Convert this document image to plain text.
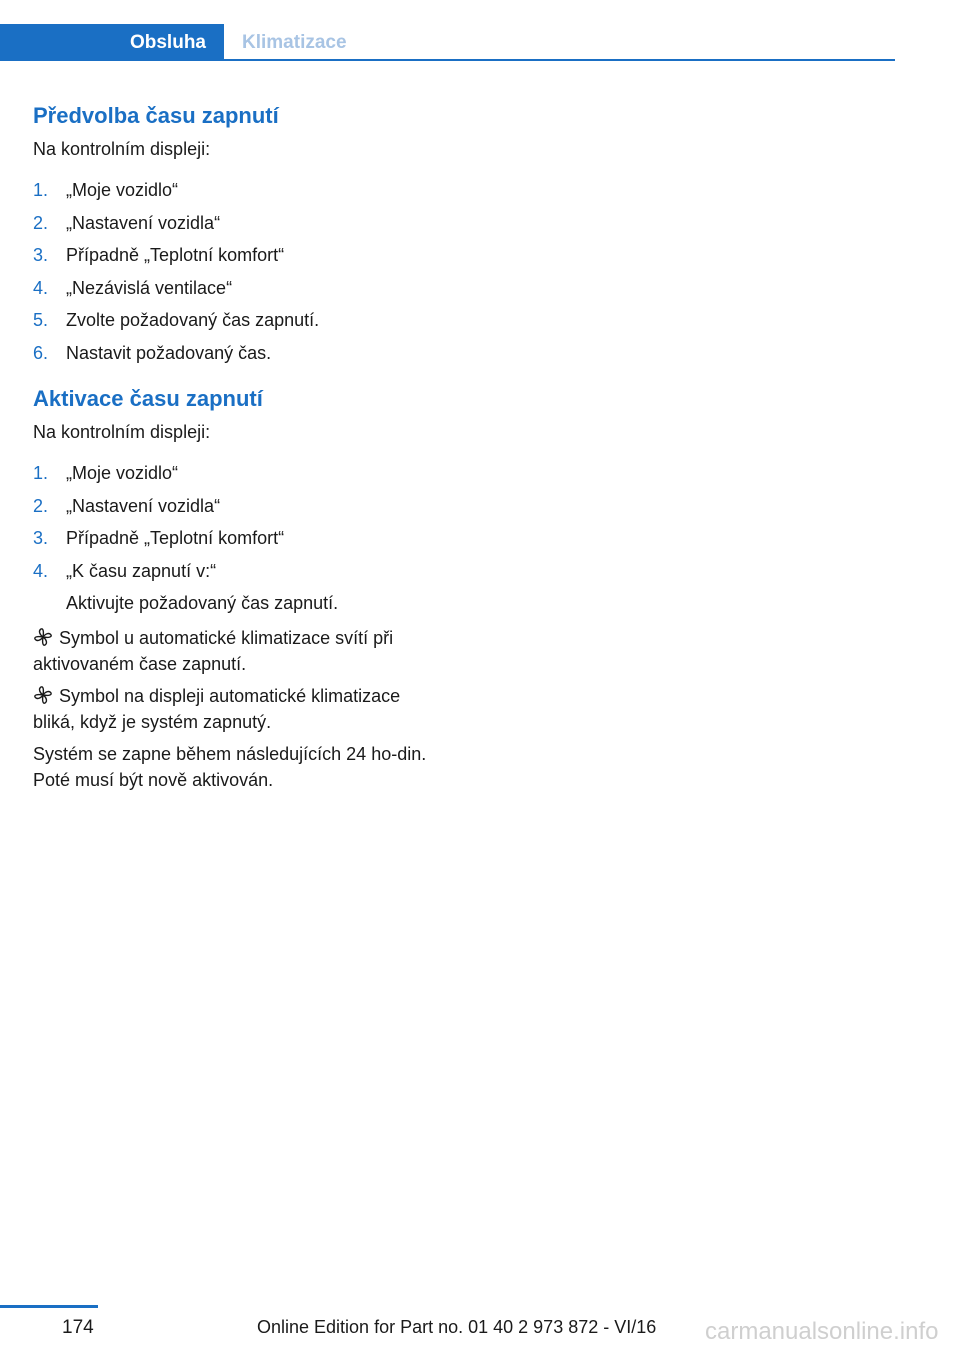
Obsluha	Klimatizace
Předvolba času zapnutí
Na kontrolním displeji:
1. „Moje vozidlo“
2. „Nastavení vozidla“
3. Případně „Teplotní komfort“
4. „Nezávislá ventilace“
5. Zvolte požadovaný čas zapnutí.
6. Nastavit požadovaný čas.
Aktivace času zapnutí
Na kontrolním displeji:
1. „Moje vozidlo“
2. „Nastavení vozidla“
3. Případně „Teplotní komfort“
4. „K času zapnutí v:“
Aktivujte požadovaný čas zapnutí.

Symbol u automatické klimatizace svítí při aktivovaném čase zapnutí.

Symbol na displeji automatické klimatizace bliká, když je systém zapnutý.

Systém se zapne během následujících 24 ho-din. Poté musí být nově aktivován.

174	Online Edition for Part no. 01 40 2 973 872 - VI/16 carmanualsonline.info
